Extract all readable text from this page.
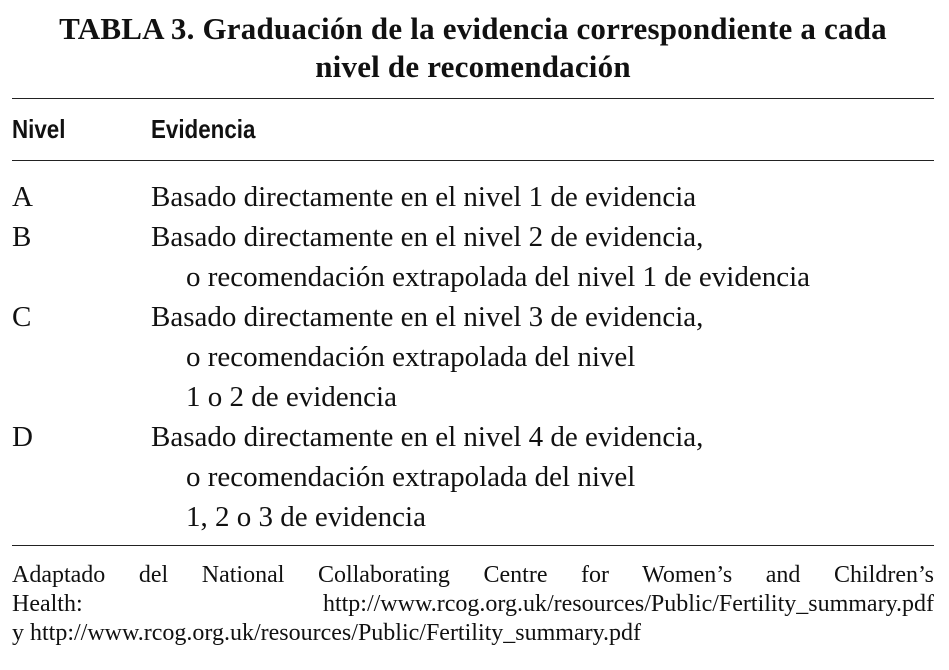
TABLA 3. Graduación de la evidencia correspondiente a cada
nivel de recomendación
Nivel	Evidencia
A	Basado directamente en el nivel 1 de evidencia
B	Basado directamente en el nivel 2 de evidencia,
o recomendación extrapolada del nivel 1 de evidencia
C	Basado directamente en el nivel 3 de evidencia,
o recomendación extrapolada del nivel
1 o 2 de evidencia
D	Basado directamente en el nivel 4 de evidencia,
o recomendación extrapolada del nivel
1, 2 o 3 de evidencia
Adaptado del National Collaborating Centre for Women’s and Children’s
Health: http://www.rcog.org.uk/resources/Public/Fertility_summary.pdf
y http://www.rcog.org.uk/resources/Public/Fertility_summary.pdf
